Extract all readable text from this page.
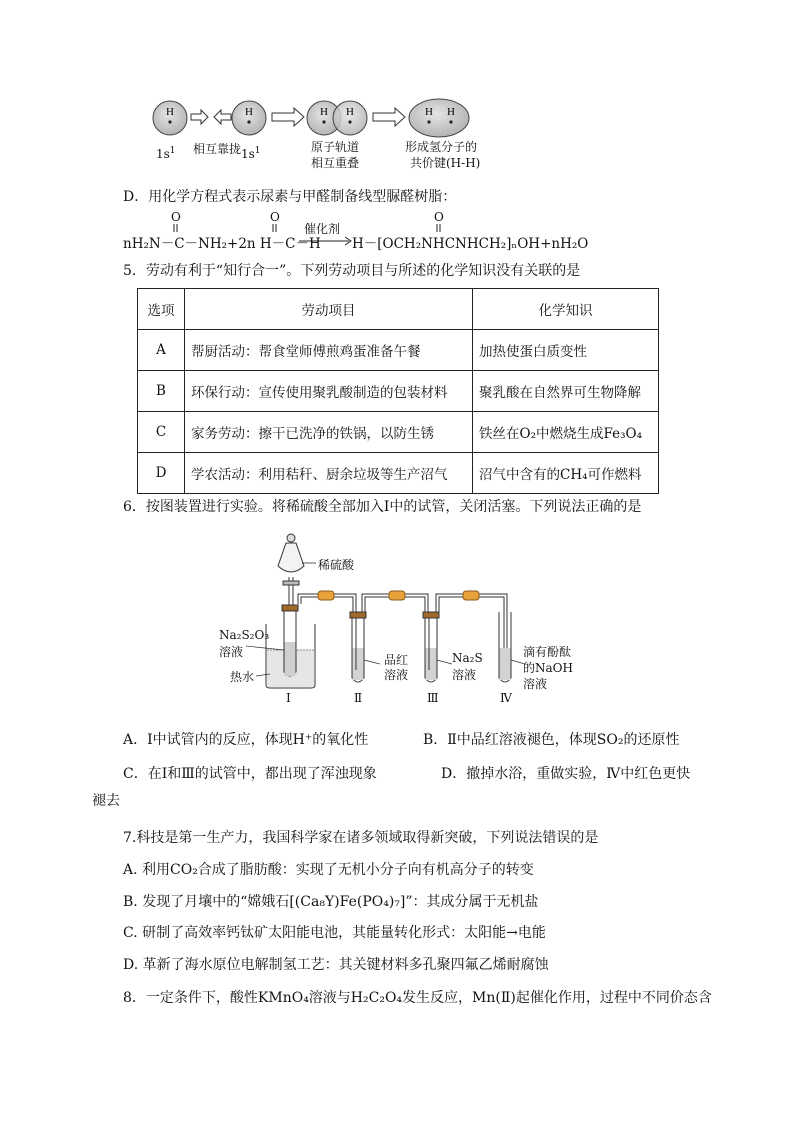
H	H	H H	H H
$1s^1$ 相互靠拢 $1s^1$	原子轨道
相互重叠
形成氢分子的
共价键(H-H)
D．用化学方程式表示尿素与甲醛制备线型脲醛树脂：
O	O	O
nH₂N－C－NH₂+2n H－C－H
催化剂
H－[OCH₂NHCNHCH₂]ₙOH+nH₂O
5．劳动有利于“知行合一”。下列劳动项目与所述的化学知识没有关联的是
选项	劳动项目	化学知识
A	帮厨活动：帮食堂师傅煎鸡蛋准备午餐	加热使蛋白质变性
B	环保行动：宣传使用聚乳酸制造的包装材料	聚乳酸在自然界可生物降解
C	家务劳动：擦干已洗净的铁锅，以防生锈	铁丝在O₂中燃烧生成Fe₃O₄
D	学农活动：利用秸秆、厨余垃圾等生产沼气	沼气中含有的CH₄可作燃料
6．按图装置进行实验。将稀硫酸全部加入Ⅰ中的试管，关闭活塞。下列说法正确的是
稀硫酸
Na₂S₂O₃
溶液
热水
品红
溶液
Na₂S
溶液
滴有酚酞
的NaOH
溶液
Ⅰ	Ⅱ	Ⅲ	Ⅳ
A．Ⅰ中试管内的反应，体现H⁺的氧化性	B．Ⅱ中品红溶液褪色，体现SO₂的还原性
C．在Ⅰ和Ⅲ的试管中，都出现了浑浊现象	D．撤掉水浴，重做实验，Ⅳ中红色更快
褪去
7.科技是第一生产力，我国科学家在诸多领域取得新突破，下列说法错误的是
A. 利用CO₂合成了脂肪酸：实现了无机小分子向有机高分子的转变
B. 发现了月壤中的“嫦娥石[(Ca₈Y)Fe(PO₄)₇]”：其成分属于无机盐
C. 研制了高效率钙钛矿太阳能电池，其能量转化形式：太阳能→电能
D. 革新了海水原位电解制氢工艺：其关键材料多孔聚四氟乙烯耐腐蚀
8．一定条件下，酸性KMnO₄溶液与H₂C₂O₄发生反应，Mn(Ⅱ)起催化作用，过程中不同价态含
